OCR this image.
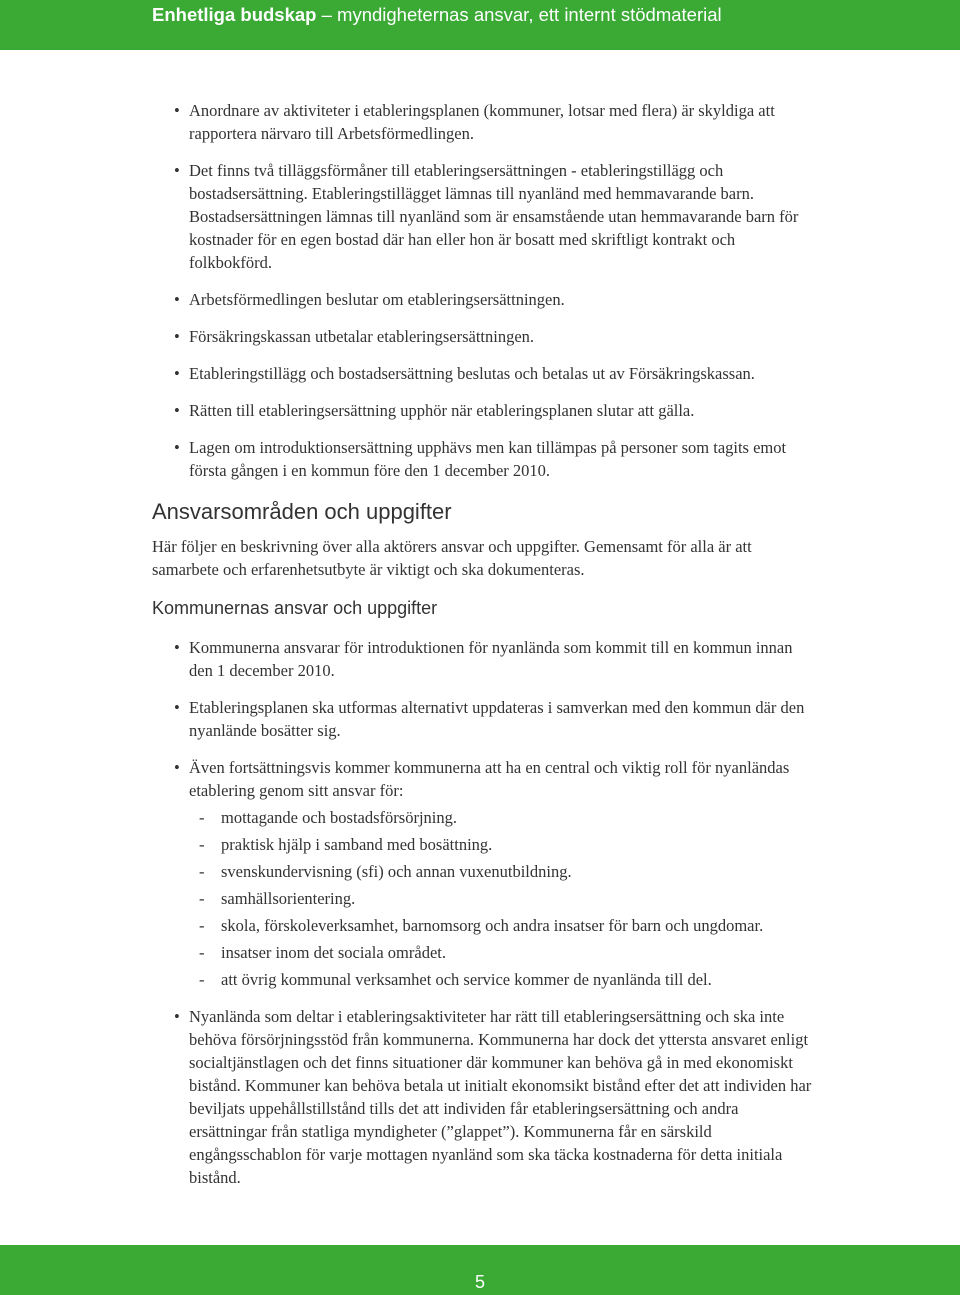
Enhetliga budskap – myndigheternas ansvar, ett internt stödmaterial
• Anordnare av aktiviteter i etableringsplanen (kommuner, lotsar med flera) är skyldiga att rapportera närvaro till Arbetsförmedlingen.
• Det finns två tilläggsförmåner till etableringsersättningen - etableringstillägg och bostadsersättning. Etableringstillägget lämnas till nyanländ med hemmavarande barn. Bostadsersättningen lämnas till nyanländ som är ensamstående utan hemmavarande barn för kostnader för en egen bostad där han eller hon är bosatt med skriftligt kontrakt och folkbokförd.
• Arbetsförmedlingen beslutar om etableringsersättningen.
• Försäkringskassan utbetalar etableringsersättningen.
• Etableringstillägg och bostadsersättning beslutas och betalas ut av Försäkringskassan.
• Rätten till etableringsersättning upphör när etableringsplanen slutar att gälla.
• Lagen om introduktionsersättning upphävs men kan tillämpas på personer som tagits emot första gången i en kommun före den 1 december 2010.
Ansvarsområden och uppgifter

Här följer en beskrivning över alla aktörers ansvar och uppgifter. Gemensamt för alla är att samarbete och erfarenhetsutbyte är viktigt och ska dokumenteras.

Kommunernas ansvar och uppgifter
• Kommunerna ansvarar för introduktionen för nyanlända som kommit till en kommun innan den 1 december 2010.
• Etableringsplanen ska utformas alternativt uppdateras i samverkan med den kommun där den nyanlände bosätter sig.
• Även fortsättningsvis kommer kommunerna att ha en central och viktig roll för nyanländas etablering genom sitt ansvar för:
- mottagande och bostadsförsörjning.
- praktisk hjälp i samband med bosättning.
- svenskundervisning (sfi) och annan vuxenutbildning.
- samhällsorientering.
- skola, förskoleverksamhet, barnomsorg och andra insatser för barn och ungdomar.
- insatser inom det sociala området.
- att övrig kommunal verksamhet och service kommer de nyanlända till del.
• Nyanlända som deltar i etableringsaktiviteter har rätt till etableringsersättning och ska inte behöva försörjningsstöd från kommunerna. Kommunerna har dock det yttersta ansvaret enligt socialtjänstlagen och det finns situationer där kommuner kan behöva gå in med ekonomiskt bistånd. Kommuner kan behöva betala ut initialt ekonomsikt bistånd efter det att individen har beviljats uppehållstillstånd tills det att individen får etableringsersättning och andra ersättningar från statliga myndigheter (”glappet”). Kommunerna får en särskild engångsschablon för varje mottagen nyanländ som ska täcka kostnaderna för detta initiala bistånd.
5
